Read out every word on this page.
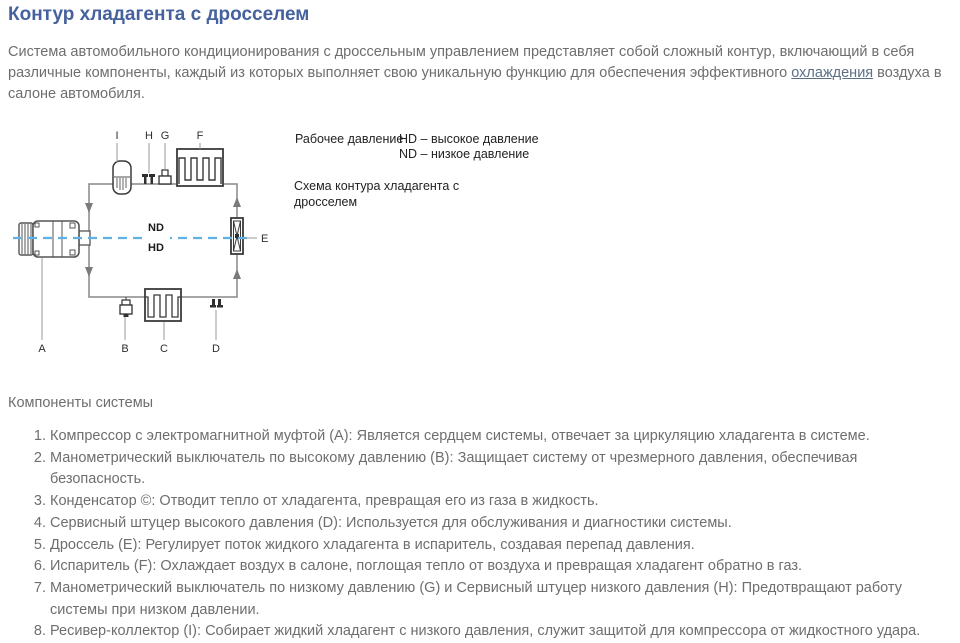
Контур хладагента с дросселем

Система автомобильного кондиционирования с дроссельным управлением представляет собой сложный контур, включающий в себя различные компоненты, каждый из которых выполняет свою уникальную функцию для обеспечения эффективного охлаждения воздуха в салоне автомобиля.

ND
HD
I H G F
E
A	B	C	D
Рабочее давление
HD – высокое давление
ND – низкое давление
Схема контура хладагента с
дросселем
Компоненты системы
1. Компрессор с электромагнитной муфтой (A): Является сердцем системы, отвечает за циркуляцию хладагента в системе.
2. Манометрический выключатель по высокому давлению (B): Защищает систему от чрезмерного давления, обеспечивая безопасность.
3. Конденсатор ©: Отводит тепло от хладагента, превращая его из газа в жидкость.
4. Сервисный штуцер высокого давления (D): Используется для обслуживания и диагностики системы.
5. Дроссель (E): Регулирует поток жидкого хладагента в испаритель, создавая перепад давления.
6. Испаритель (F): Охлаждает воздух в салоне, поглощая тепло от воздуха и превращая хладагент обратно в газ.
7. Манометрический выключатель по низкому давлению (G) и Сервисный штуцер низкого давления (H): Предотвращают работу системы при низком давлении.
8. Ресивер-коллектор (I): Собирает жидкий хладагент с низкого давления, служит защитой для компрессора от жидкостного удара.
